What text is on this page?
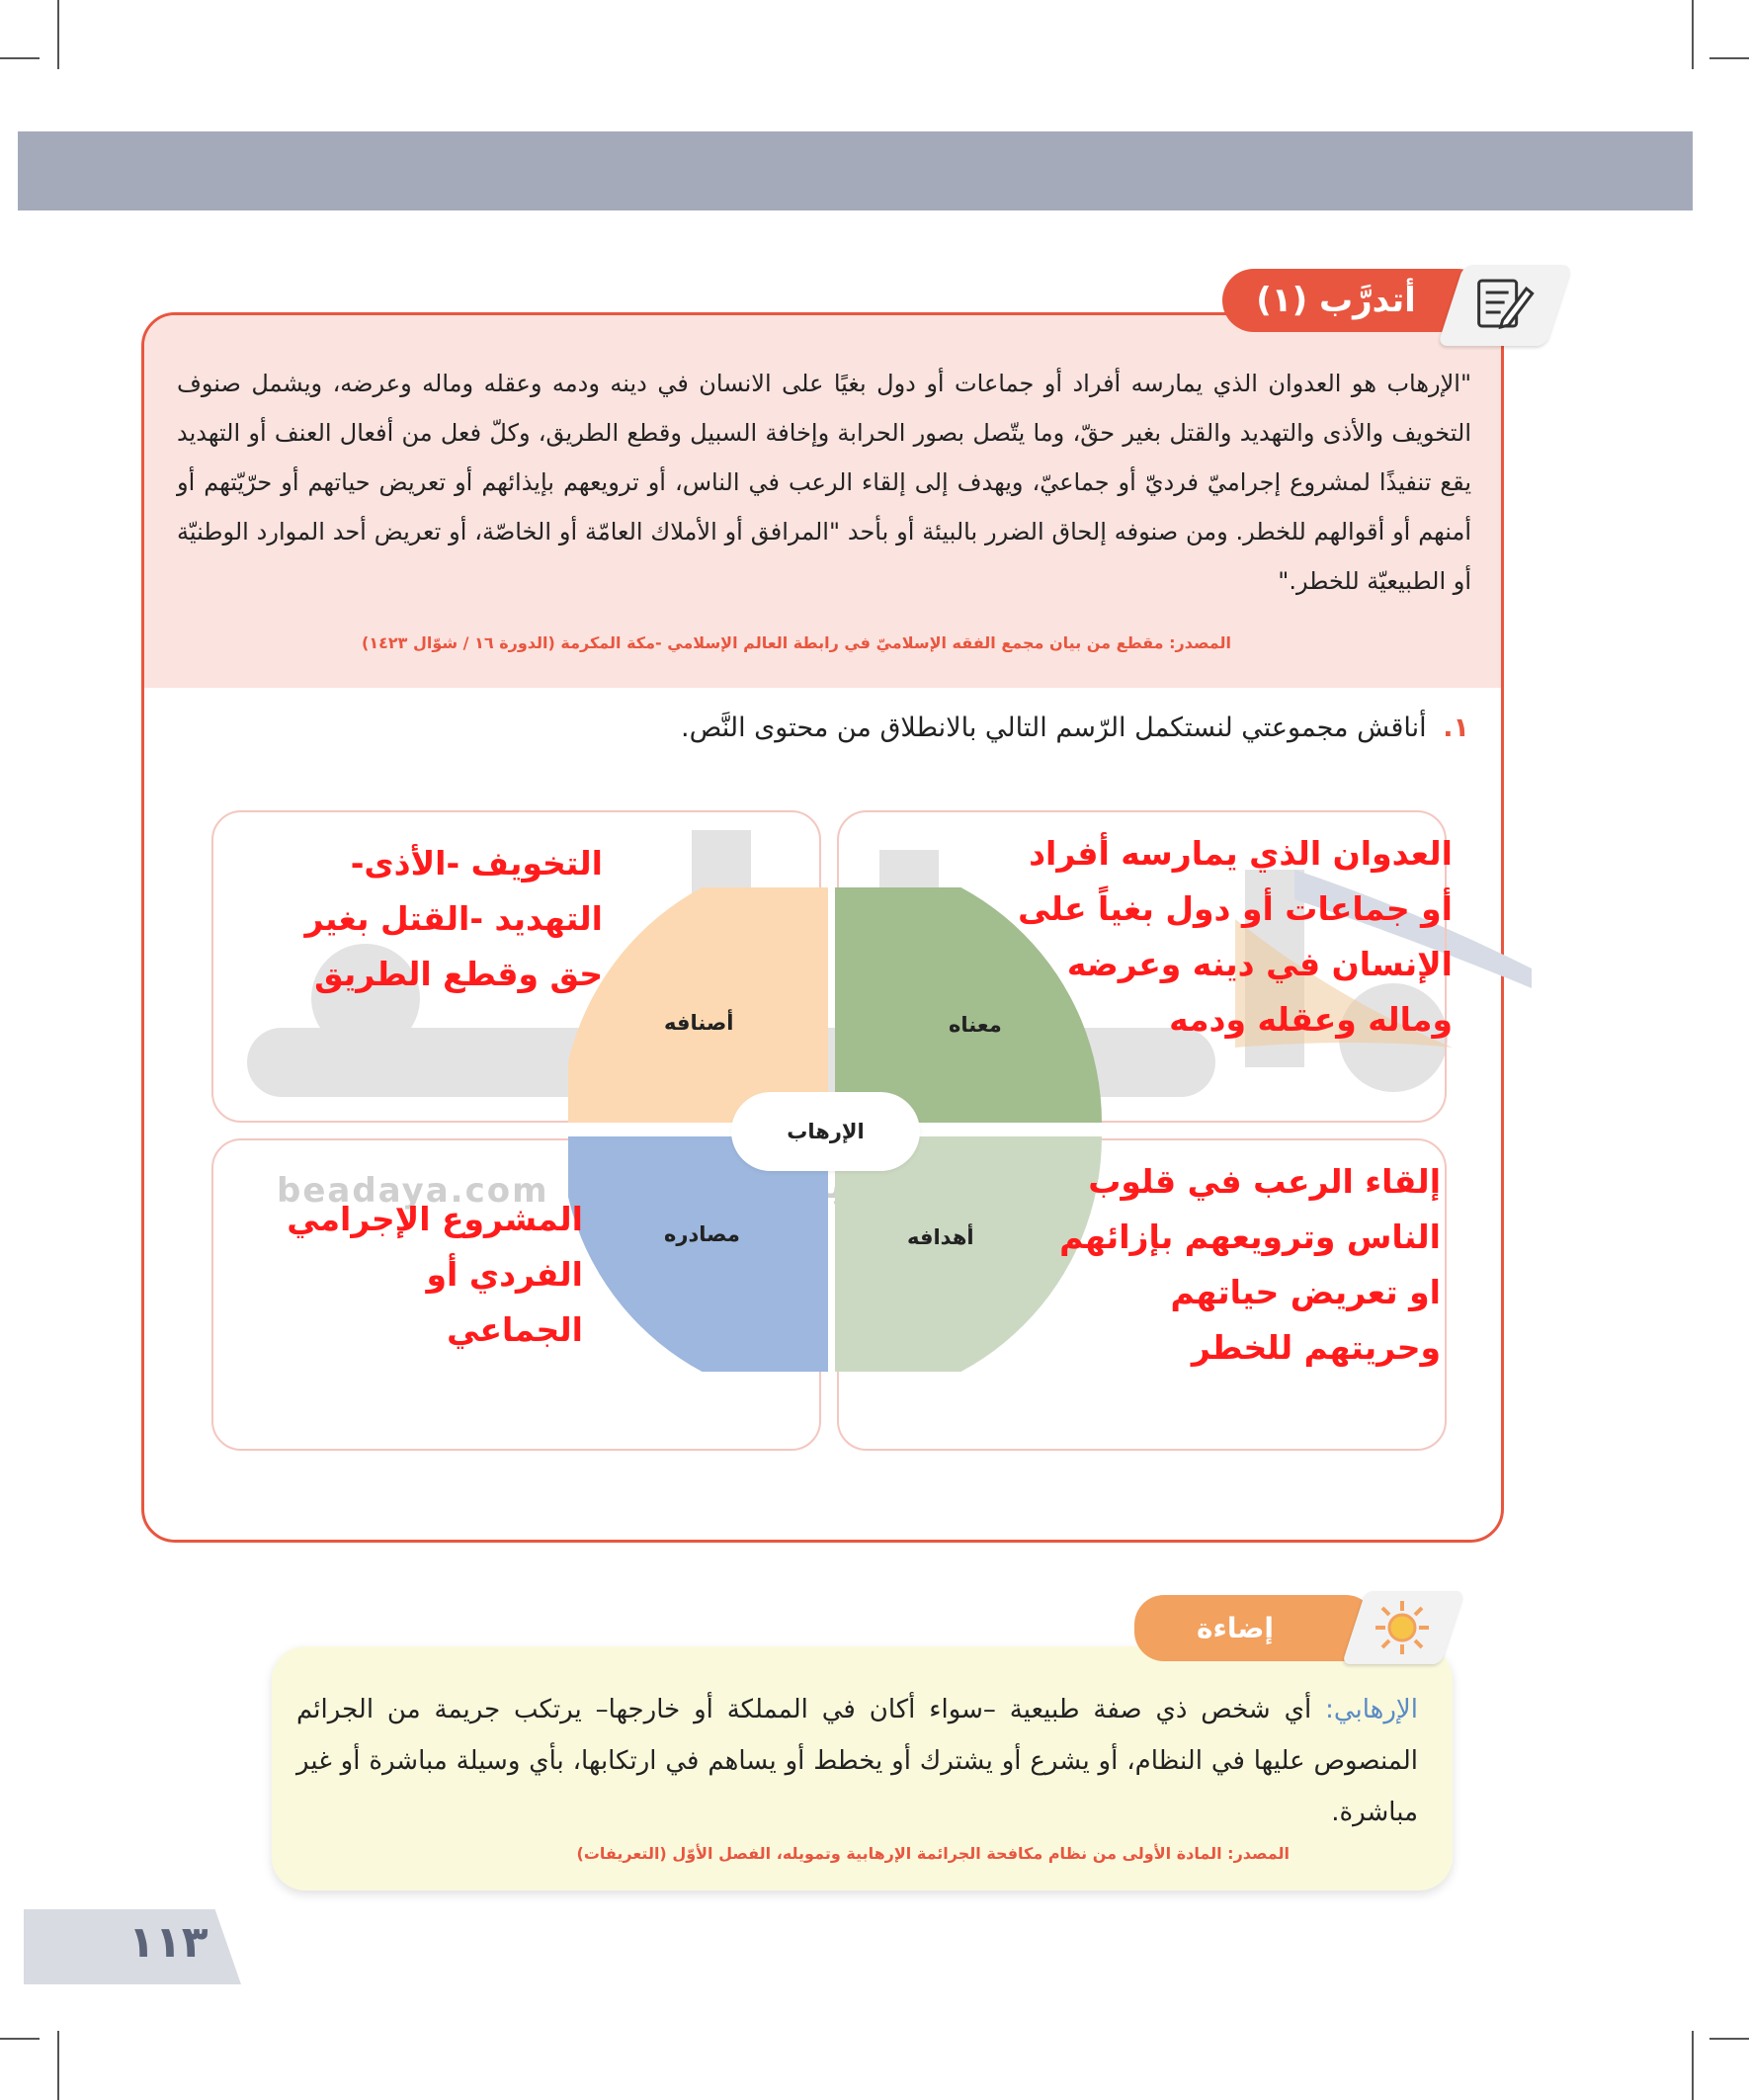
"الإرهاب هو العدوان الذي يمارسه أفراد أو جماعات أو دول بغيًا على الانسان في دينه ودمه وعقله وماله وعرضه، ويشمل صنوف التخويف والأذى والتهديد والقتل بغير حقّ، وما يتّصل بصور الحرابة وإخافة السبيل وقطع الطريق، وكلّ فعل من أفعال العنف أو التهديد يقع تنفيذًا لمشروع إجراميّ فرديّ أو جماعيّ، ويهدف إلى إلقاء الرعب في الناس، أو ترويعهم بإيذائهم أو تعريض حياتهم أو حرّيّتهم أو أمنهم أو أقوالهم للخطر. ومن صنوفه إلحاق الضرر بالبيئة أو بأحد "المرافق أو الأملاك العامّة أو الخاصّة، أو تعريض أحد الموارد الوطنيّة أو الطبيعيّة للخطر."

المصدر: مقطع من بيان مجمع الفقه الإسلاميّ في رابطة العالم الإسلامي -مكة المكرمة (الدورة ١٦ / شوّال ١٤٢٣)
١. أناقش مجموعتي لنستكمل الرّسم التالي بالانطلاق من محتوى النَّص.
أتدرَّب (١)
beadaya.com
معناه
أصنافه
أهدافه
مصادره
الإرهاب

العدوان الذي يمارسه أفراد أو جماعات أو دول بغياً على الإنسان في دينه وعرضه وماله وعقله ودمه

التخويف -الأذى- التهديد -القتل بغير حق وقطع الطريق

إلقاء الرعب في قلوب الناس وترويعهم بإزائهم او تعريض حياتهم وحريتهم للخطر

المشروع الإجرامي الفردي أو الجماعي

الإرهابي: أي شخص ذي صفة طبيعية –سواء أكان في المملكة أو خارجها– يرتكب جريمة من الجرائم المنصوص عليها في النظام، أو يشرع أو يشترك أو يخطط أو يساهم في ارتكابها، بأي وسيلة مباشرة أو غير مباشرة.

المصدر: المادة الأولى من نظام مكافحة الجرائمة الإرهابية وتمويله، الفصل الأوّل (التعريفات)
إضاءة
١١٣
